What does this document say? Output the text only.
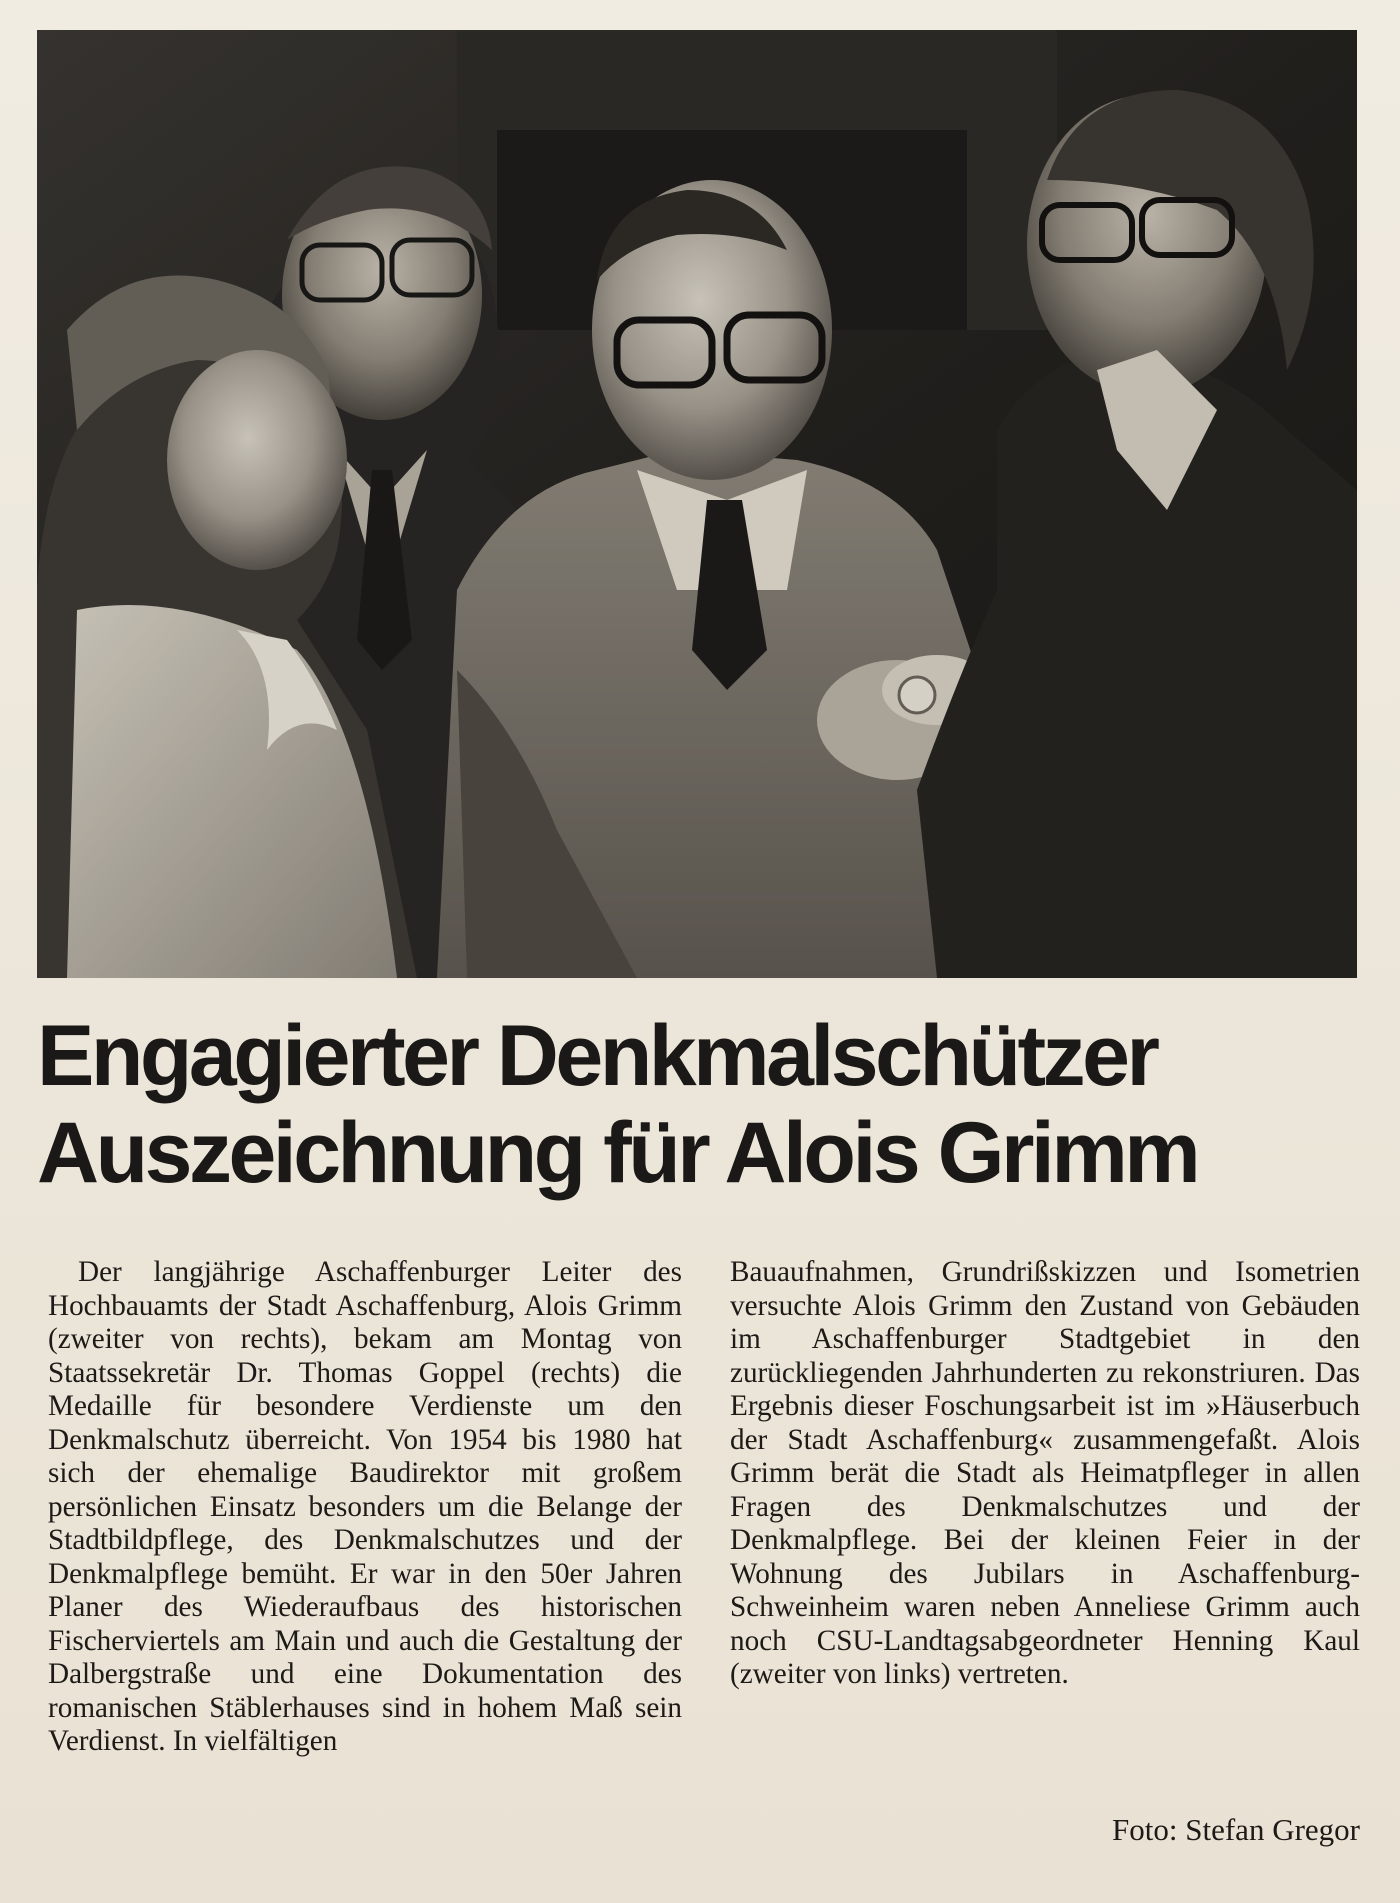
Engagierter Denkmalschützer
Auszeichnung für Alois Grimm

Der langjährige Aschaffenburger Leiter des Hochbauamts der Stadt Aschaffenburg, Alois Grimm (zweiter von rechts), bekam am Montag von Staatssekretär Dr. Thomas Goppel (rechts) die Medaille für besondere Verdienste um den Denkmalschutz überreicht. Von 1954 bis 1980 hat sich der ehemalige Baudirektor mit großem persönlichen Einsatz besonders um die Belange der Stadtbildpflege, des Denkmalschutzes und der Denkmalpflege bemüht. Er war in den 50er Jahren Planer des Wiederaufbaus des historischen Fischerviertels am Main und auch die Gestaltung der Dalbergstraße und eine Dokumentation des romanischen Stäblerhauses sind in hohem Maß sein Verdienst. In vielfältigen

Bauaufnahmen, Grundrißskizzen und Isometrien versuchte Alois Grimm den Zustand von Gebäuden im Aschaffenburger Stadtgebiet in den zurückliegenden Jahrhunderten zu rekonstriuren. Das Ergebnis dieser Foschungsarbeit ist im »Häuserbuch der Stadt Aschaffenburg« zusammengefaßt. Alois Grimm berät die Stadt als Heimatpfleger in allen Fragen des Denkmalschutzes und der Denkmalpflege. Bei der kleinen Feier in der Wohnung des Jubilars in Aschaffenburg-Schweinheim waren neben Anneliese Grimm auch noch CSU-Landtagsabgeordneter Henning Kaul (zweiter von links) vertreten.

Foto: Stefan Gregor
